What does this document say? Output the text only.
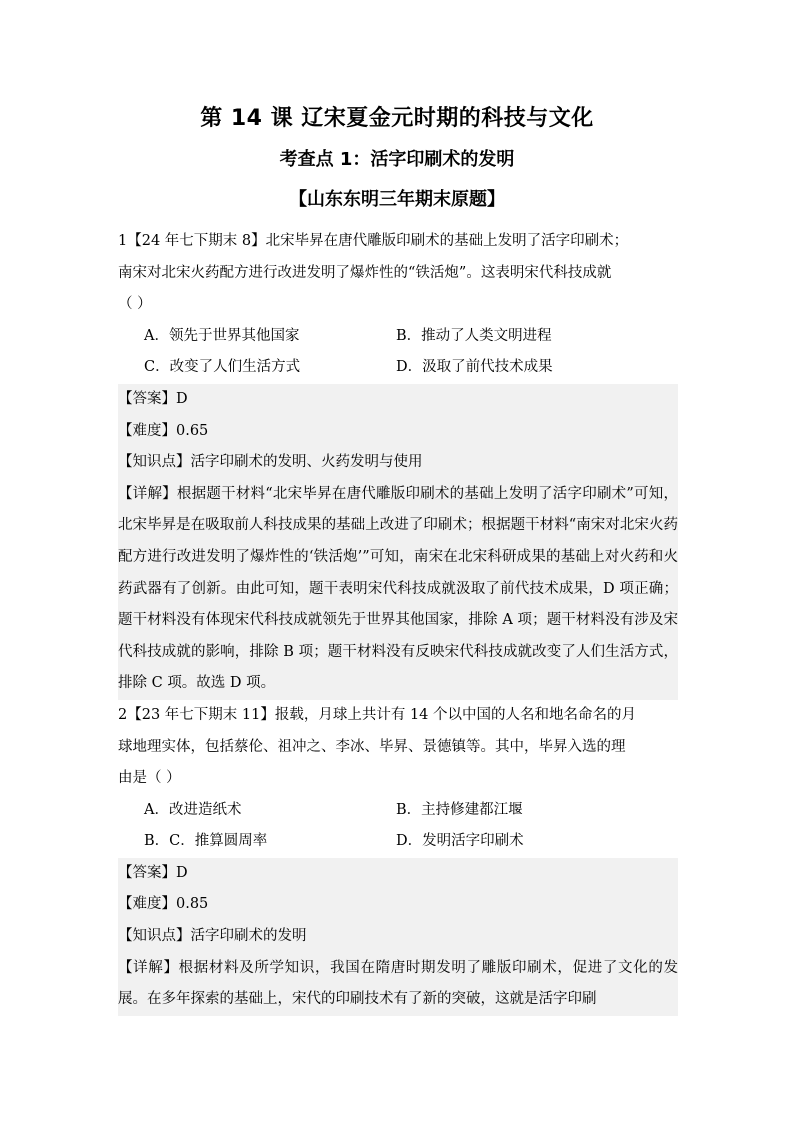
第 14 课 辽宋夏金元时期的科技与文化
考查点 1：活字印刷术的发明
【山东东明三年期末原题】
1【24 年七下期末 8】北宋毕昇在唐代雕版印刷术的基础上发明了活字印刷术；
南宋对北宋火药配方进行改进发明了爆炸性的“铁活炮”。这表明宋代科技成就
（ ）
A．领先于世界其他国家	B．推动了人类文明进程
C．改变了人们生活方式	D．汲取了前代技术成果
【答案】D
【难度】0.65
【知识点】活字印刷术的发明、火药发明与使用
【详解】根据题干材料“北宋毕昇在唐代雕版印刷术的基础上发明了活字印刷术”可知，北宋毕昇是在吸取前人科技成果的基础上改进了印刷术；根据题干材料“南宋对北宋火药配方进行改进发明了爆炸性的‘铁活炮’”可知，南宋在北宋科研成果的基础上对火药和火药武器有了创新。由此可知，题干表明宋代科技成就汲取了前代技术成果，D 项正确；题干材料没有体现宋代科技成就领先于世界其他国家，排除 A 项；题干材料没有涉及宋代科技成就的影响，排除 B 项；题干材料没有反映宋代科技成就改变了人们生活方式，排除 C 项。故选 D 项。
2【23 年七下期末 11】报载，月球上共计有 14 个以中国的人名和地名命名的月
球地理实体，包括蔡伦、祖冲之、李冰、毕昇、景德镇等。其中，毕昇入选的理
由是（ ）
A．改进造纸术	B．主持修建都江堰
B．C．推算圆周率	D．发明活字印刷术
【答案】D
【难度】0.85
【知识点】活字印刷术的发明
【详解】根据材料及所学知识，我国在隋唐时期发明了雕版印刷术，促进了文化的发展。在多年探索的基础上，宋代的印刷技术有了新的突破，这就是活字印刷
